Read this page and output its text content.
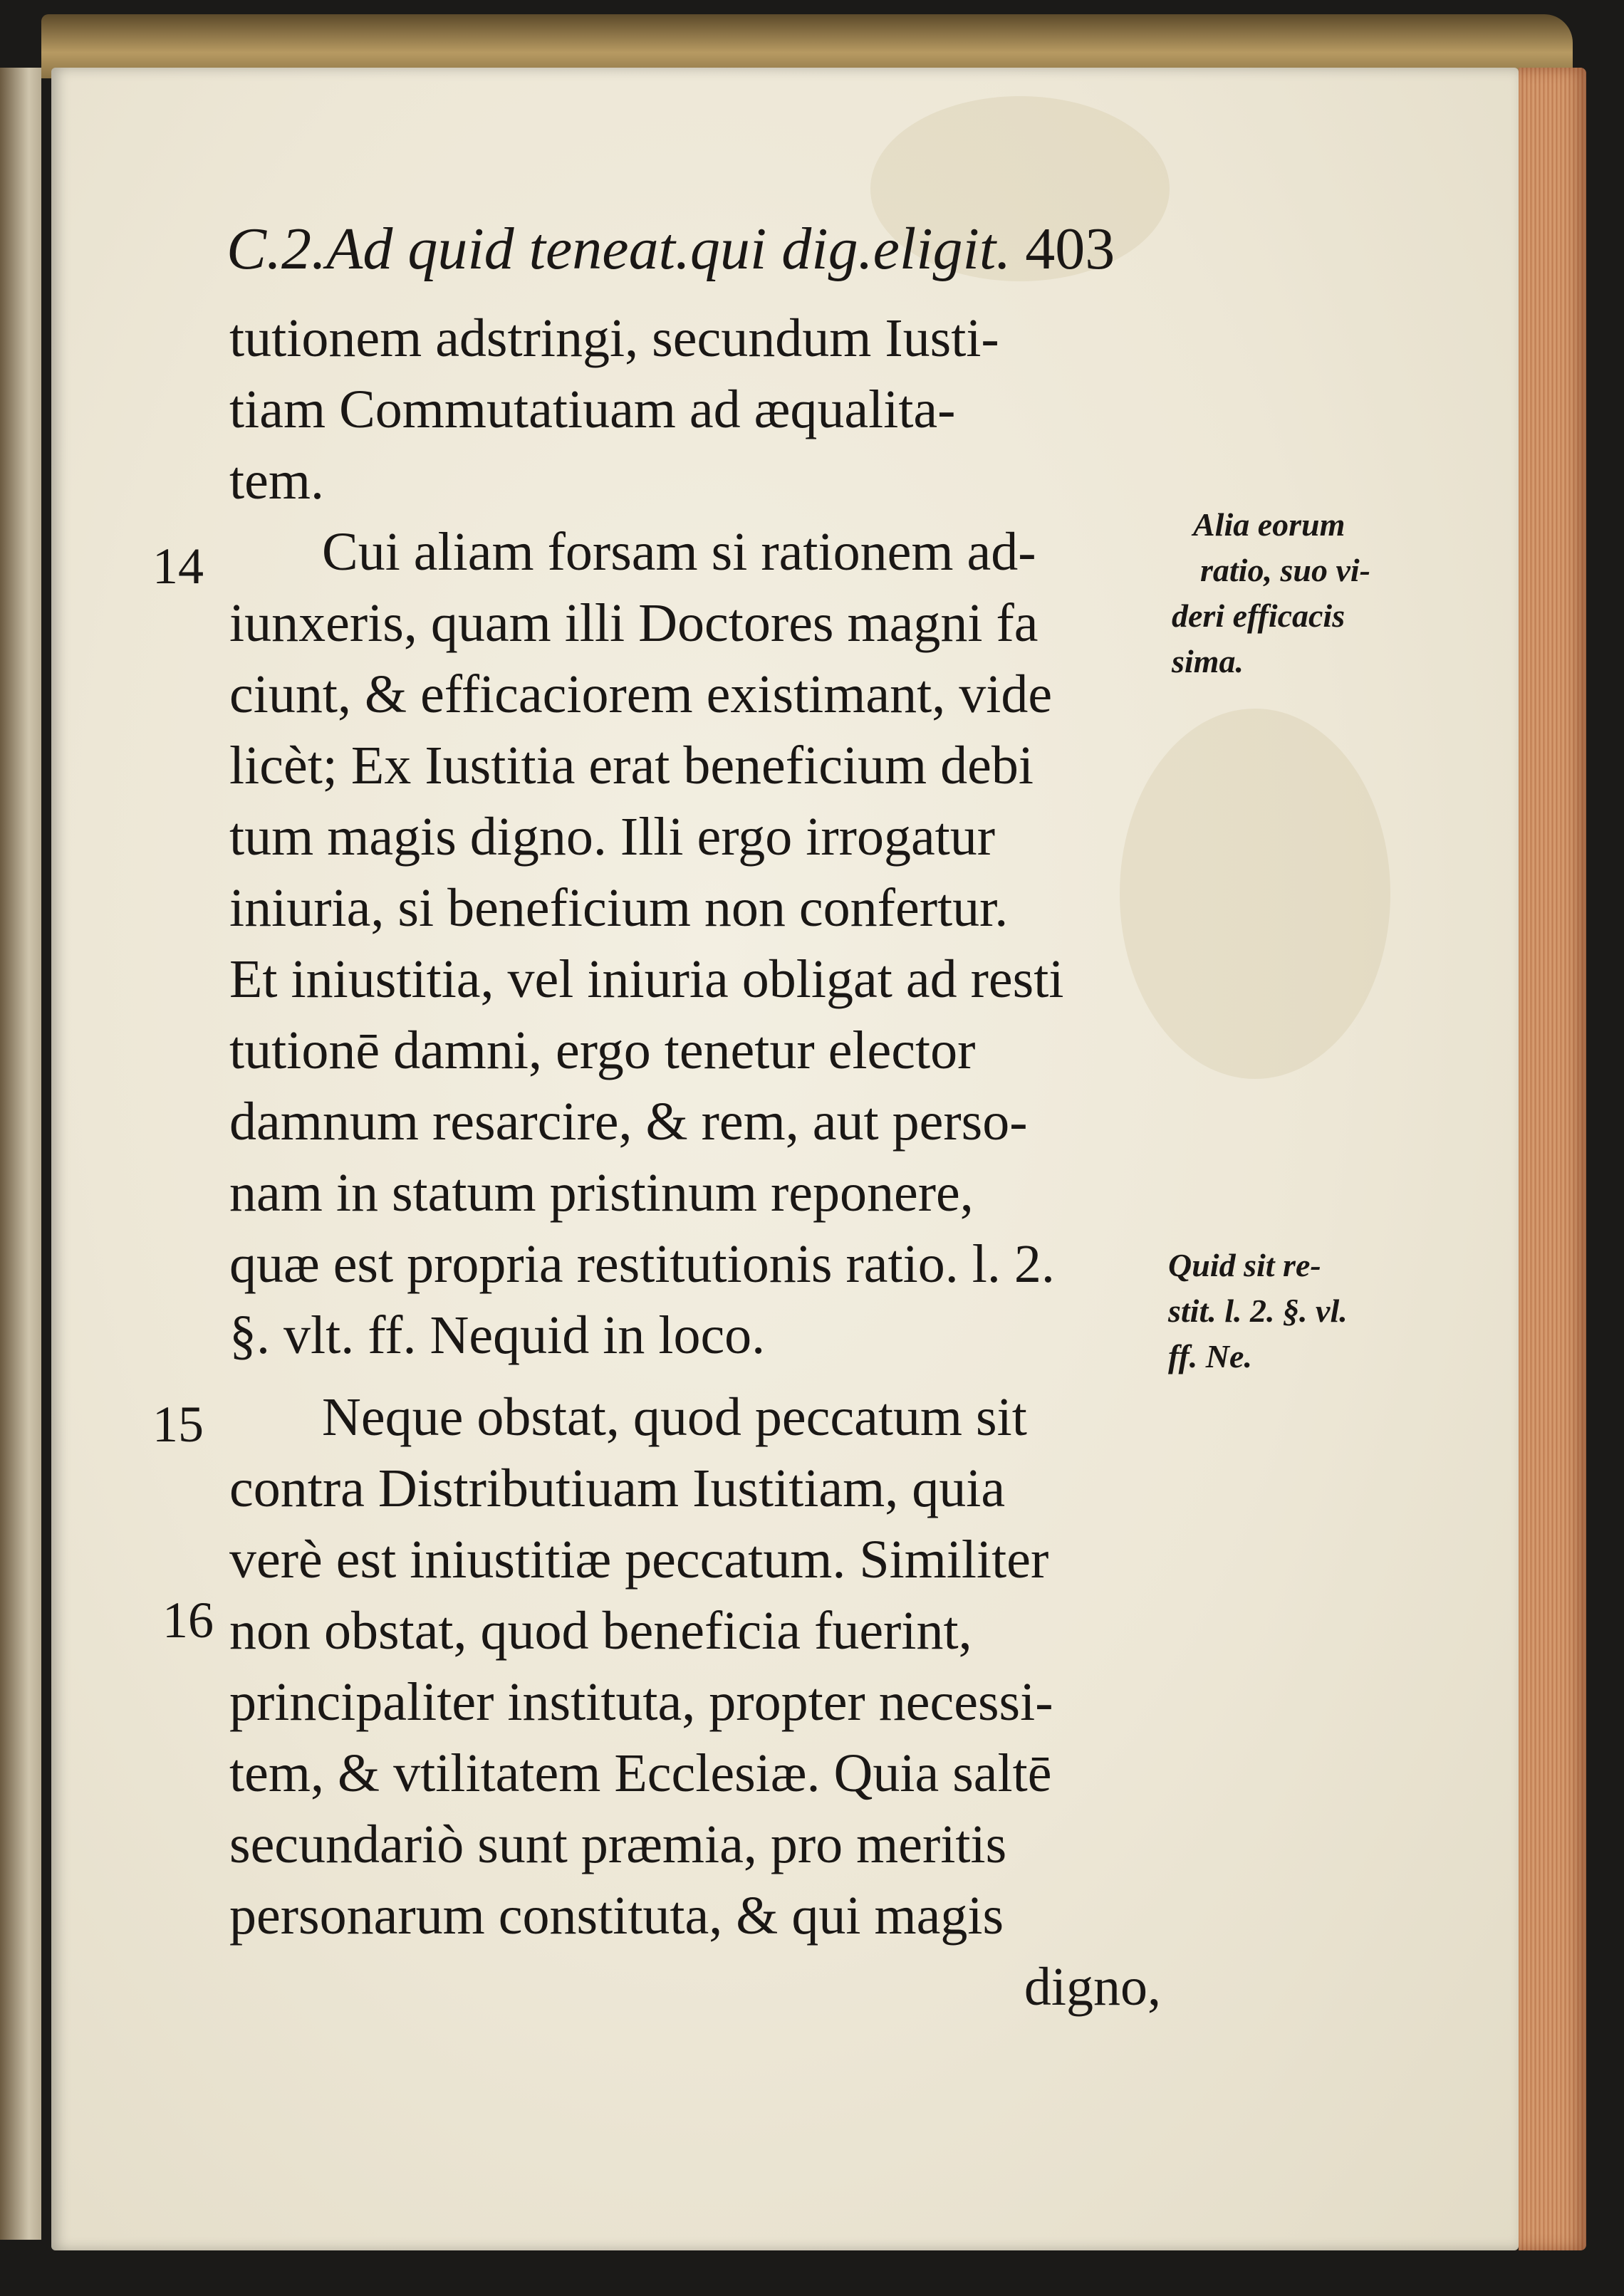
C.2.Ad quid teneat.qui dig.eligit. 403
tutionem adstringi, secundum Iusti-
tiam Commutatiuam ad æqualita-
tem.
Cui aliam forsam si rationem ad-
iunxeris, quam illi Doctores magni fa
ciunt, & efficaciorem existimant, vide
licèt; Ex Iustitia erat beneficium debi
tum magis digno. Illi ergo irrogatur
iniuria, si beneficium non confertur.
Et iniustitia, vel iniuria obligat ad resti
tutionē damni, ergo tenetur elector
damnum resarcire, & rem, aut perso-
nam in statum pristinum reponere,
quæ est propria restitutionis ratio. l. 2.
§. vlt. ff. Nequid in loco.
Neque obstat, quod peccatum sit
contra Distributiuam Iustitiam, quia
verè est iniustitiæ peccatum. Similiter
non obstat, quod beneficia fuerint,
principaliter instituta, propter necessi-
tem, & vtilitatem Ecclesiæ. Quia saltē
secundariò sunt præmia, pro meritis
personarum constituta, & qui magis
digno,
14
15
16
Alia eorum
ratio, suo vi-
deri efficacis
sima.
Quid sit re-
stit. l. 2. §. vl.
ff. Ne.
